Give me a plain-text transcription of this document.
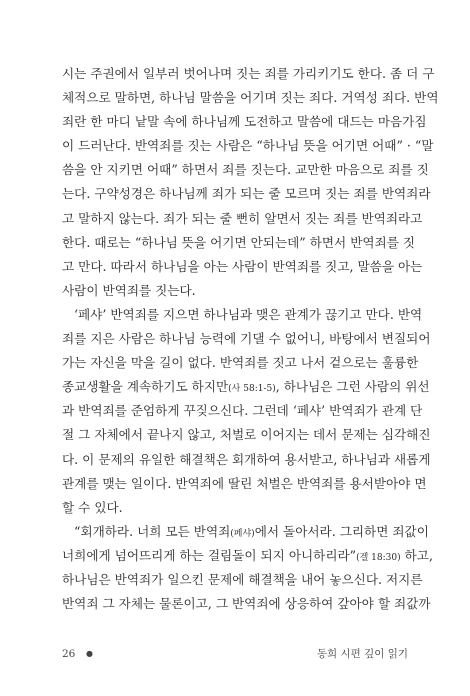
시는 주권에서 일부러 벗어나며 짓는 죄를 가리키기도 한다. 좀 더 구
체적으로 말하면, 하나님 말씀을 어기며 짓는 죄다. 거역성 죄다. 반역
죄란 한 마디 낱말 속에 하나님께 도전하고 말씀에 대드는 마음가짐
이 드러난다. 반역죄를 짓는 사람은 “하나님 뜻을 어기면 어때” · “말
씀을 안 지키면 어때” 하면서 죄를 짓는다. 교만한 마음으로 죄를 짓
는다. 구약성경은 하나님께 죄가 되는 줄 모르며 짓는 죄를 반역죄라
고 말하지 않는다. 죄가 되는 줄 뻔히 알면서 짓는 죄를 반역죄라고
한다. 때로는 “하나님 뜻을 어기면 안되는데” 하면서 반역죄를 짓
고 만다. 따라서 하나님을 아는 사람이 반역죄를 짓고, 말씀을 아는
사람이 반역죄를 짓는다.
‘페샤’ 반역죄를 지으면 하나님과 맺은 관계가 끊기고 만다. 반역
죄를 지은 사람은 하나님 능력에 기댈 수 없어니, 바탕에서 변질되어
가는 자신을 막을 길이 없다. 반역죄를 짓고 나서 겉으로는 훌륭한
종교생활을 계속하기도 하지만(사 58:1-5), 하나님은 그런 사람의 위선
과 반역죄를 준엄하게 꾸짖으신다. 그런데 ‘페샤’ 반역죄가 관계 단
절 그 자체에서 끝나지 않고, 처벌로 이어지는 데서 문제는 심각해진
다. 이 문제의 유일한 해결책은 회개하여 용서받고, 하나님과 새롭게
관계를 맺는 일이다. 반역죄에 딸린 처벌은 반역죄를 용서받아야 면
할 수 있다.
“회개하라. 너희 모든 반역죄(페샤)에서 돌아서라. 그리하면 죄값이
너희에게 넘어뜨리게 하는 걸림돌이 되지 아니하리라”(겔 18:30) 하고,
하나님은 반역죄가 일으킨 문제에 해결책을 내어 놓으신다. 저지른
반역죄 그 자체는 물론이고, 그 반역죄에 상응하여 갚아야 할 죄값까
26 ●	동희 시편 깊이 읽기
